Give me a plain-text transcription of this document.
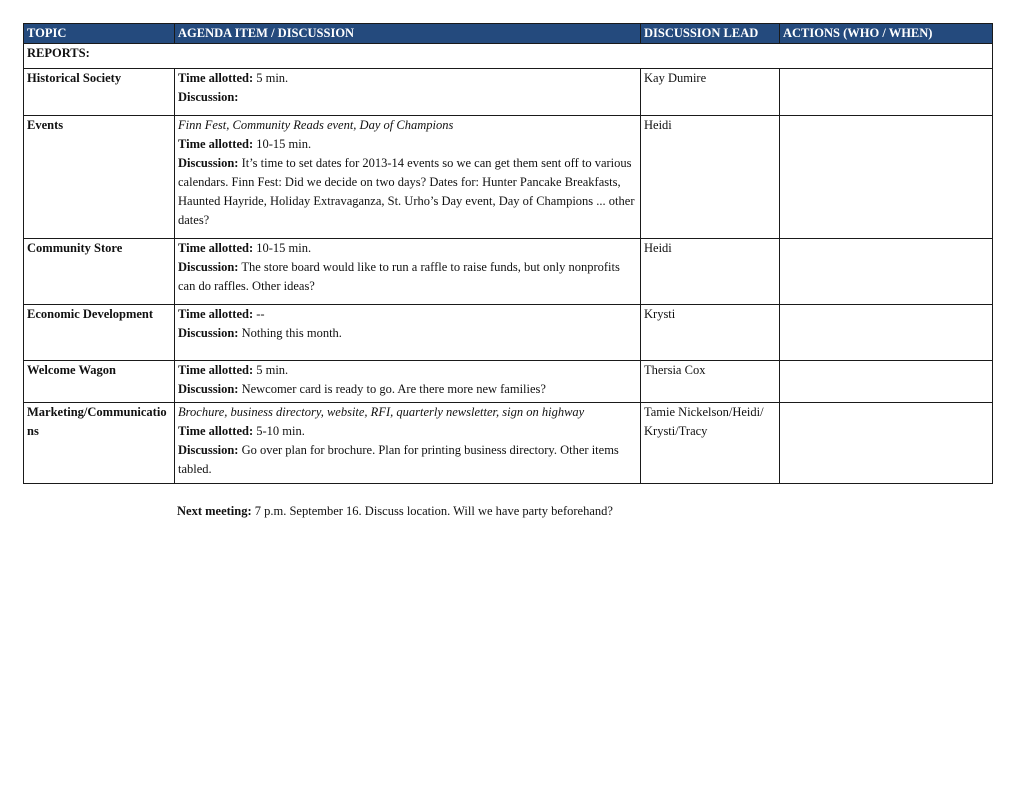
TOPIC	AGENDA ITEM / DISCUSSION	DISCUSSION LEAD	ACTIONS (WHO / WHEN)
REPORTS:			
Historical Society	Time allotted: 5 min.
Discussion:	Kay Dumire	
Events	Finn Fest, Community Reads event, Day of Champions
Time allotted: 10-15 min.
Discussion: It’s time to set dates for 2013-14 events so we can get them sent off to various calendars. Finn Fest: Did we decide on two days? Dates for: Hunter Pancake Breakfasts, Haunted Hayride, Holiday Extravaganza, St. Urho’s Day event, Day of Champions ... other dates?	Heidi	
Community Store	Time allotted: 10-15 min.
Discussion: The store board would like to run a raffle to raise funds, but only nonprofits can do raffles. Other ideas?	Heidi	
Economic Development	Time allotted: --
Discussion: Nothing this month.	Krysti	
Welcome Wagon	Time allotted: 5 min.
Discussion: Newcomer card is ready to go. Are there more new families?	Thersia Cox	
Marketing/Communications	Brochure, business directory, website, RFI, quarterly newsletter, sign on highway
Time allotted: 5-10 min.
Discussion: Go over plan for brochure. Plan for printing business directory. Other items tabled.	Tamie Nickelson/Heidi/ Krysti/Tracy	
Next meeting: 7 p.m. September 16. Discuss location. Will we have party beforehand?
